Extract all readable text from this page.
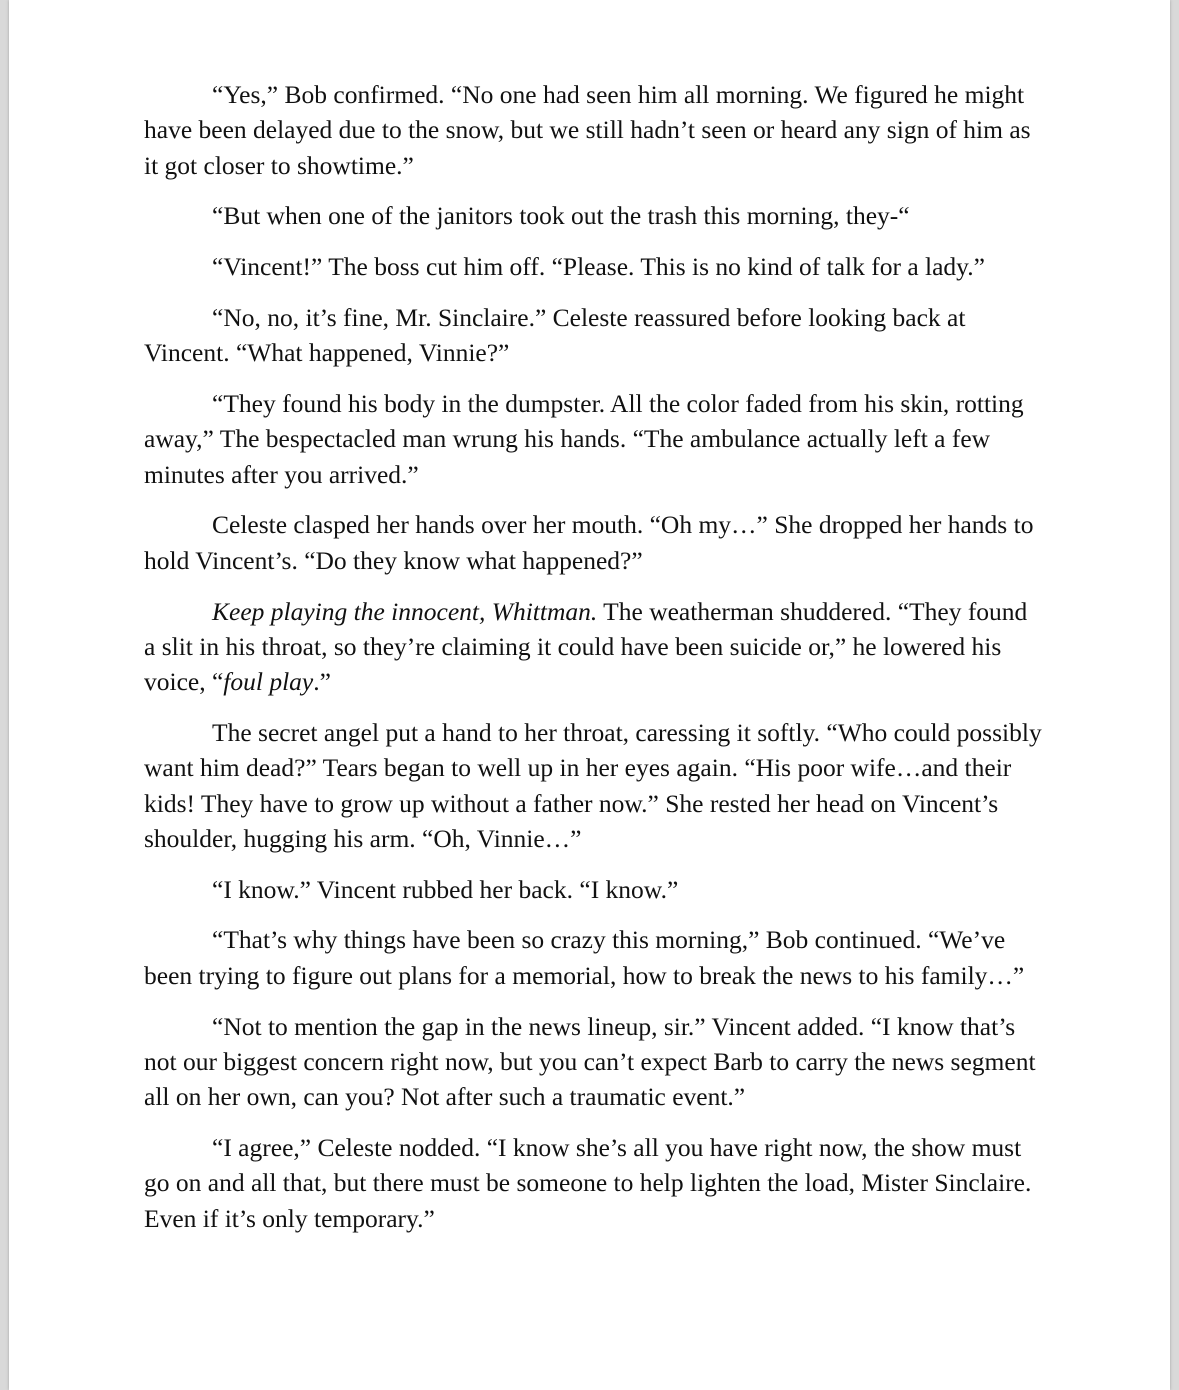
“Yes,” Bob confirmed. “No one had seen him all morning. We figured he might have been delayed due to the snow, but we still hadn’t seen or heard any sign of him as it got closer to showtime.”

“But when one of the janitors took out the trash this morning, they-“

“Vincent!” The boss cut him off. “Please. This is no kind of talk for a lady.”

“No, no, it’s fine, Mr. Sinclaire.” Celeste reassured before looking back at Vincent. “What happened, Vinnie?”

“They found his body in the dumpster. All the color faded from his skin, rotting away,” The bespectacled man wrung his hands. “The ambulance actually left a few minutes after you arrived.”

Celeste clasped her hands over her mouth. “Oh my…” She dropped her hands to hold Vincent’s. “Do they know what happened?”

Keep playing the innocent, Whittman. The weatherman shuddered. “They found a slit in his throat, so they’re claiming it could have been suicide or,” he lowered his voice, “foul play.”

The secret angel put a hand to her throat, caressing it softly. “Who could possibly want him dead?” Tears began to well up in her eyes again. “His poor wife…and their kids! They have to grow up without a father now.” She rested her head on Vincent’s shoulder, hugging his arm. “Oh, Vinnie…”

“I know.” Vincent rubbed her back. “I know.”

“That’s why things have been so crazy this morning,” Bob continued. “We’ve been trying to figure out plans for a memorial, how to break the news to his family…”

“Not to mention the gap in the news lineup, sir.” Vincent added. “I know that’s not our biggest concern right now, but you can’t expect Barb to carry the news segment all on her own, can you? Not after such a traumatic event.”

“I agree,” Celeste nodded. “I know she’s all you have right now, the show must go on and all that, but there must be someone to help lighten the load, Mister Sinclaire. Even if it’s only temporary.”
